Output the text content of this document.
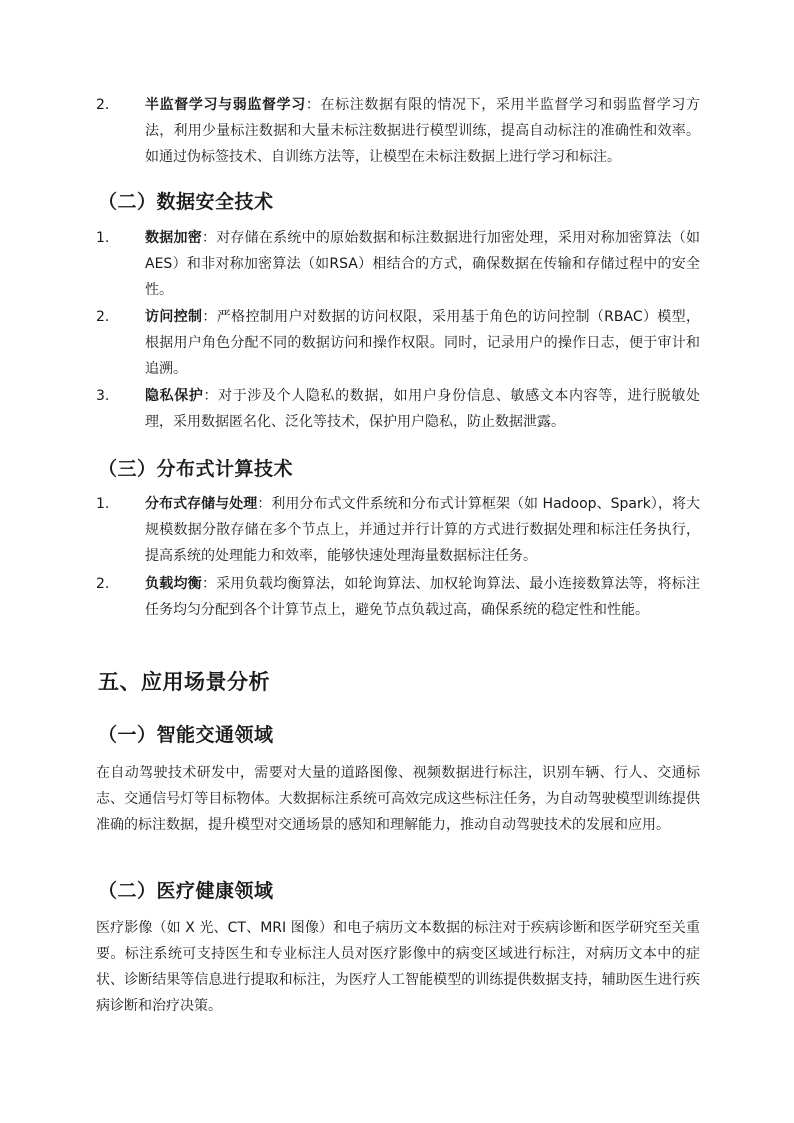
2.	半监督学习与弱监督学习：在标注数据有限的情况下，采用半监督学习和弱监督学习方法，利用少量标注数据和大量未标注数据进行模型训练，提高自动标注的准确性和效率。如通过伪标签技术、自训练方法等，让模型在未标注数据上进行学习和标注。
（二）数据安全技术
1.	数据加密：对存储在系统中的原始数据和标注数据进行加密处理，采用对称加密算法（如AES）和非对称加密算法（如RSA）相结合的方式，确保数据在传输和存储过程中的安全性。
2.	访问控制：严格控制用户对数据的访问权限，采用基于角色的访问控制（RBAC）模型，根据用户角色分配不同的数据访问和操作权限。同时，记录用户的操作日志，便于审计和追溯。
3.	隐私保护：对于涉及个人隐私的数据，如用户身份信息、敏感文本内容等，进行脱敏处理，采用数据匿名化、泛化等技术，保护用户隐私，防止数据泄露。
（三）分布式计算技术
1.	分布式存储与处理：利用分布式文件系统和分布式计算框架（如 Hadoop、Spark），将大规模数据分散存储在多个节点上，并通过并行计算的方式进行数据处理和标注任务执行，提高系统的处理能力和效率，能够快速处理海量数据标注任务。
2.	负载均衡：采用负载均衡算法，如轮询算法、加权轮询算法、最小连接数算法等，将标注任务均匀分配到各个计算节点上，避免节点负载过高，确保系统的稳定性和性能。
五、应用场景分析
（一）智能交通领域
在自动驾驶技术研发中，需要对大量的道路图像、视频数据进行标注，识别车辆、行人、交通标志、交通信号灯等目标物体。大数据标注系统可高效完成这些标注任务，为自动驾驶模型训练提供准确的标注数据，提升模型对交通场景的感知和理解能力，推动自动驾驶技术的发展和应用。
（二）医疗健康领域
医疗影像（如 X 光、CT、MRI 图像）和电子病历文本数据的标注对于疾病诊断和医学研究至关重要。标注系统可支持医生和专业标注人员对医疗影像中的病变区域进行标注，对病历文本中的症状、诊断结果等信息进行提取和标注，为医疗人工智能模型的训练提供数据支持，辅助医生进行疾病诊断和治疗决策。
